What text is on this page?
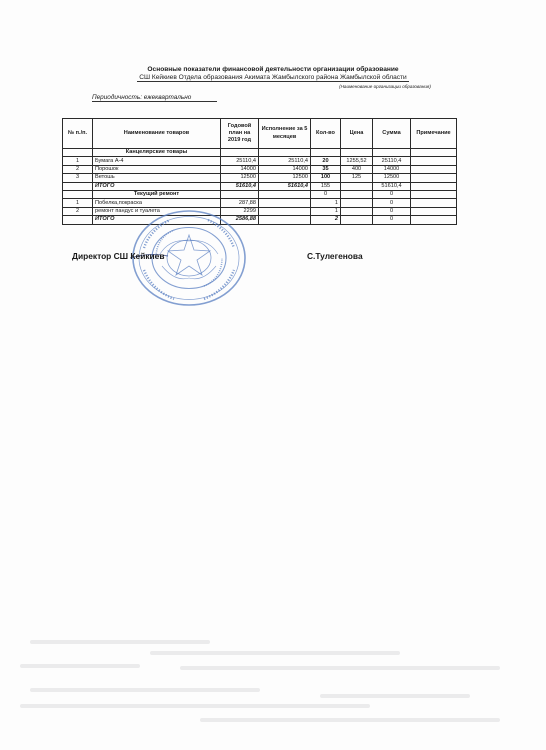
Основные показатели финансовой деятельности организации образование
СШ Кейкиев Отдела образования Акимата Жамбылского района Жамбылской области
(Наименование организации образования)
Периодичность: ежеквартально
№ п./п.	Наименование товаров	Годовой план на 2019 год	Исполнение за 5 месяцев	Кол-во	Цена	Сумма	Примечание
	Канцелярские товары						
1	Бумага А-4	25110,4	25110,4	20	1255,52	25110,4	
2	Порошок	14000	14000	35	400	14000	
3	Ветошь	12500	12500	100	125	12500	
	ИТОГО	51610,4	51610,4	155		51610,4	
	Текущий ремонт			0		0	
1	Побелка,покраска	287,88		1		0	
2	ремонт пандус и туалета	2299		1		0	
	ИТОГО	2586,88		2		0	
Директор СШ Кейкиев	С.Тулегенова
